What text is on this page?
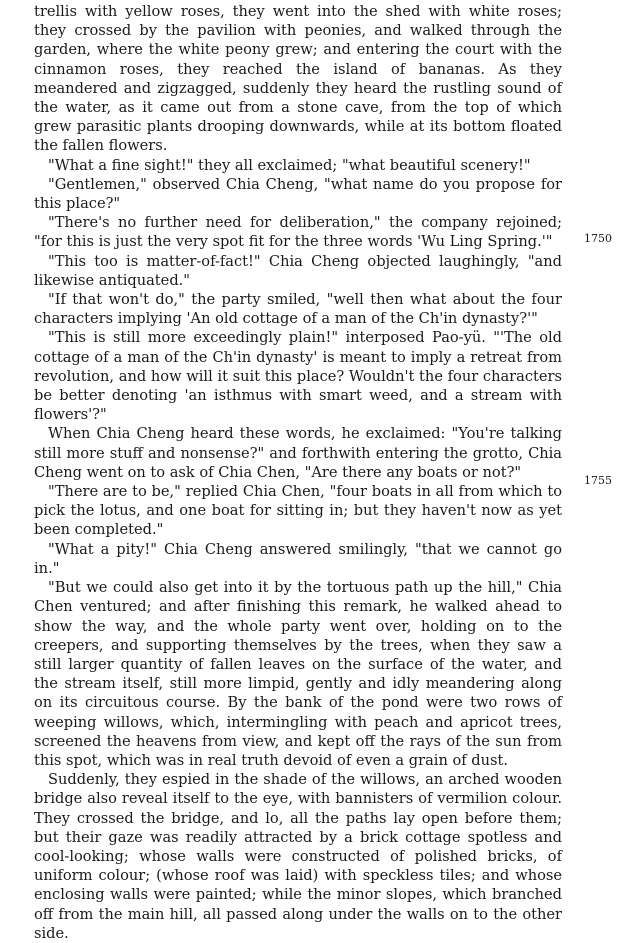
trellis with yellow roses, they went into the shed with white roses; they crossed by the pavilion with peonies, and walked through the garden, where the white peony grew; and entering the court with the cinnamon roses, they reached the island of bananas. As they meandered and zigzagged, suddenly they heard the rustling sound of the water, as it came out from a stone cave, from the top of which grew parasitic plants drooping downwards, while at its bottom floated the fallen flowers.

"What a fine sight!" they all exclaimed; "what beautiful scenery!"

"Gentlemen," observed Chia Cheng, "what name do you propose for this place?"

"There's no further need for deliberation," the company rejoined; "for this is just the very spot fit for the three words 'Wu Ling Spring.'"

"This too is matter-of-fact!" Chia Cheng objected laughingly, "and likewise antiquated."

"If that won't do," the party smiled, "well then what about the four characters implying 'An old cottage of a man of the Ch'in dynasty?'"

"This is still more exceedingly plain!" interposed Pao-yü. "'The old cottage of a man of the Ch'in dynasty' is meant to imply a retreat from revolution, and how will it suit this place? Wouldn't the four characters be better denoting 'an isthmus with smart weed, and a stream with flowers'?"

When Chia Cheng heard these words, he exclaimed: "You're talking still more stuff and nonsense?" and forthwith entering the grotto, Chia Cheng went on to ask of Chia Chen, "Are there any boats or not?"

"There are to be," replied Chia Chen, "four boats in all from which to pick the lotus, and one boat for sitting in; but they haven't now as yet been completed."

"What a pity!" Chia Cheng answered smilingly, "that we cannot go in."

"But we could also get into it by the tortuous path up the hill," Chia Chen ventured; and after finishing this remark, he walked ahead to show the way, and the whole party went over, holding on to the creepers, and supporting themselves by the trees, when they saw a still larger quantity of fallen leaves on the surface of the water, and the stream itself, still more limpid, gently and idly meandering along on its circuitous course. By the bank of the pond were two rows of weeping willows, which, intermingling with peach and apricot trees, screened the heavens from view, and kept off the rays of the sun from this spot, which was in real truth devoid of even a grain of dust.

Suddenly, they espied in the shade of the willows, an arched wooden bridge also reveal itself to the eye, with bannisters of vermilion colour. They crossed the bridge, and lo, all the paths lay open before them; but their gaze was readily attracted by a brick cottage spotless and cool-looking; whose walls were constructed of polished bricks, of uniform colour; (whose roof was laid) with speckless tiles; and whose enclosing walls were painted; while the minor slopes, which branched off from the main hill, all passed along under the walls on to the other side.

1750
1755
